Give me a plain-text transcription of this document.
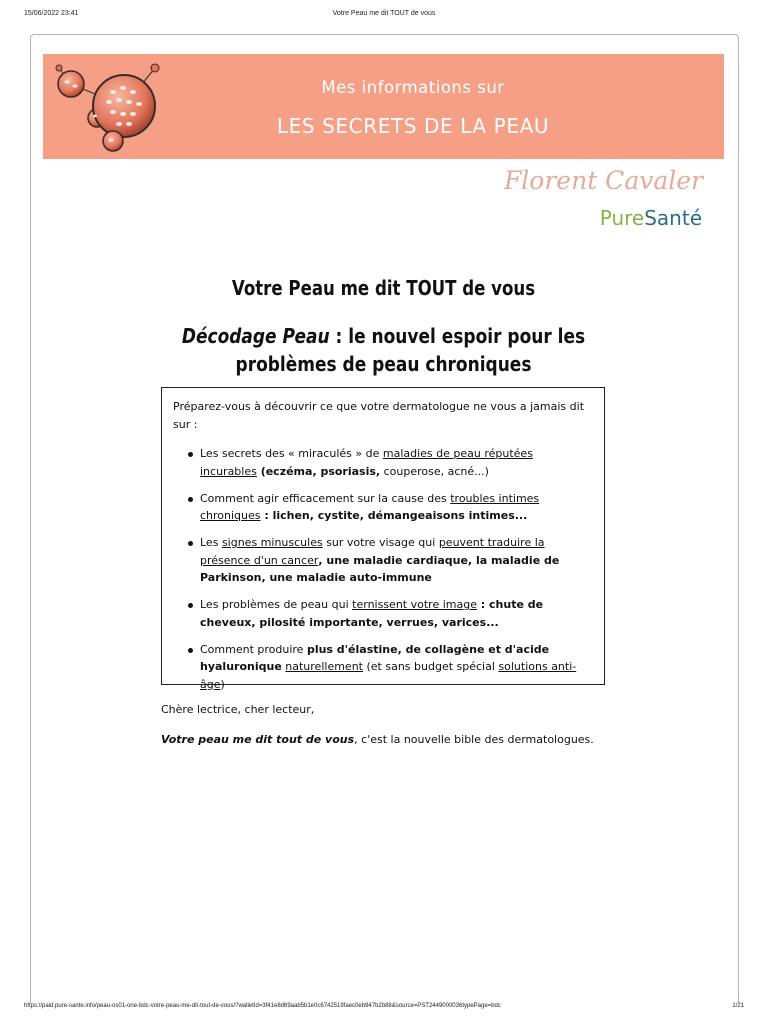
15/06/2022 23:41	Votre Peau me dit TOUT de vous
Mes informations sur
LES SECRETS DE LA PEAU
Florent Cavaler
PureSanté
Votre Peau me dit TOUT de vous
Décodage Peau : le nouvel espoir pour les
problèmes de peau chroniques
Préparez-vous à découvrir ce que votre dermatologue ne vous a jamais dit sur :
Les secrets des « miraculés » de maladies de peau réputées incurables (eczéma, psoriasis, couperose, acné...)
Comment agir efficacement sur la cause des troubles intimes chroniques : lichen, cystite, démangeaisons intimes...
Les signes minuscules sur votre visage qui peuvent traduire la présence d'un cancer, une maladie cardiaque, la maladie de Parkinson, une maladie auto-immune
Les problèmes de peau qui ternissent votre image : chute de cheveux, pilosité importante, verrues, varices...
Comment produire plus d'élastine, de collagène et d'acide hyaluronique naturellement (et sans budget spécial solutions anti-âge)
Chère lectrice, cher lecteur,
Votre peau me dit tout de vous, c'est la nouvelle bible des dermatologues.
https://paid.pure-sante.info/peau-os01-one-bdc-votre-peau-me-dit-tout-de-vous/?walletId=3f41e8d69aab5b1e0c6742519faec0eb947b2b88&source=PST2449000036typePage=bdc	1/21
